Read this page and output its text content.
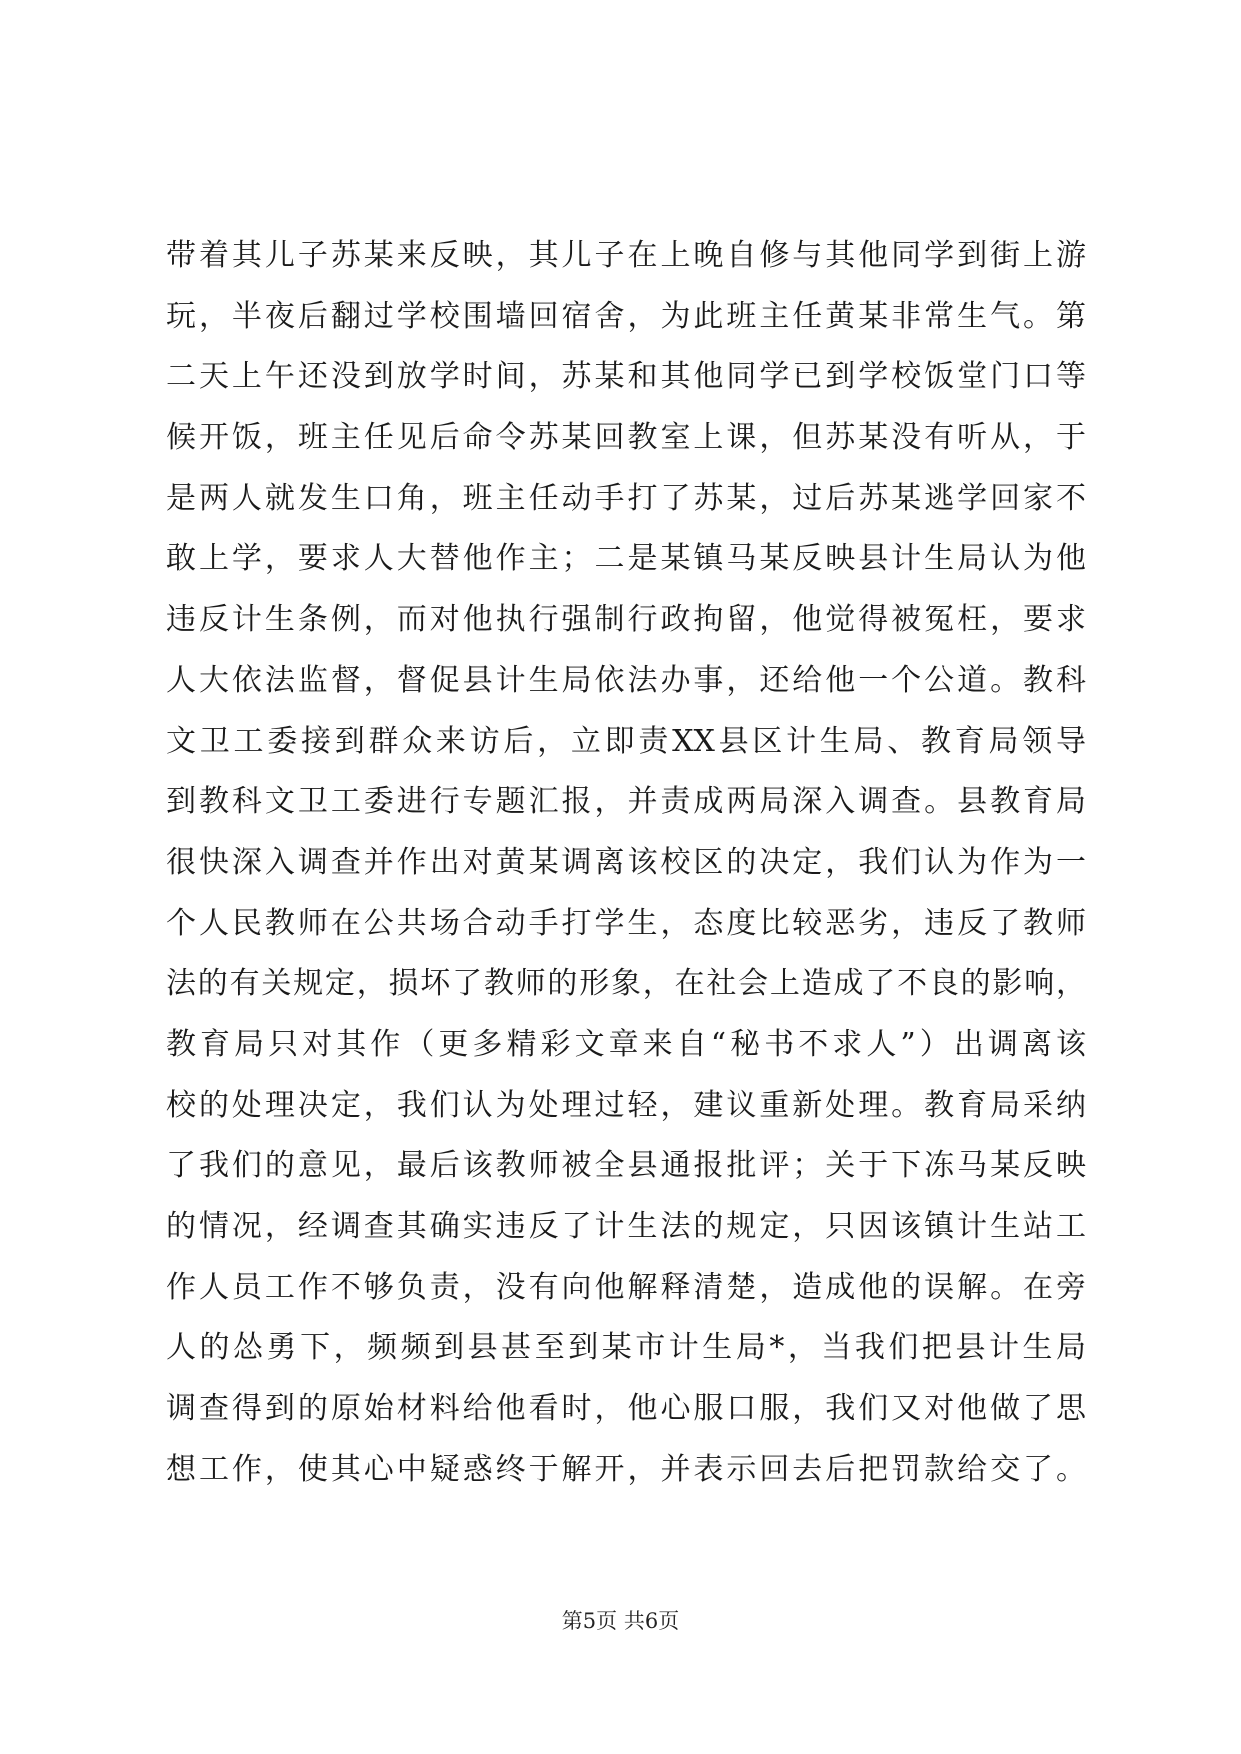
带着其儿子苏某来反映，其儿子在上晚自修与其他同学到街上游
玩，半夜后翻过学校围墙回宿舍，为此班主任黄某非常生气。第
二天上午还没到放学时间，苏某和其他同学已到学校饭堂门口等
候开饭，班主任见后命令苏某回教室上课，但苏某没有听从，于
是两人就发生口角，班主任动手打了苏某，过后苏某逃学回家不
敢上学，要求人大替他作主；二是某镇马某反映县计生局认为他
违反计生条例，而对他执行强制行政拘留，他觉得被冤枉，要求
人大依法监督，督促县计生局依法办事，还给他一个公道。教科
文卫工委接到群众来访后，立即责XX县区计生局、教育局领导
到教科文卫工委进行专题汇报，并责成两局深入调查。县教育局
很快深入调查并作出对黄某调离该校区的决定，我们认为作为一
个人民教师在公共场合动手打学生，态度比较恶劣，违反了教师
法的有关规定，损坏了教师的形象，在社会上造成了不良的影响，
教育局只对其作（更多精彩文章来自“秘书不求人”）出调离该
校的处理决定，我们认为处理过轻，建议重新处理。教育局采纳
了我们的意见，最后该教师被全县通报批评；关于下冻马某反映
的情况，经调查其确实违反了计生法的规定，只因该镇计生站工
作人员工作不够负责，没有向他解释清楚，造成他的误解。在旁
人的怂勇下，频频到县甚至到某市计生局*，当我们把县计生局
调查得到的原始材料给他看时，他心服口服，我们又对他做了思
想工作，使其心中疑惑终于解开，并表示回去后把罚款给交了。
第5页 共6页
